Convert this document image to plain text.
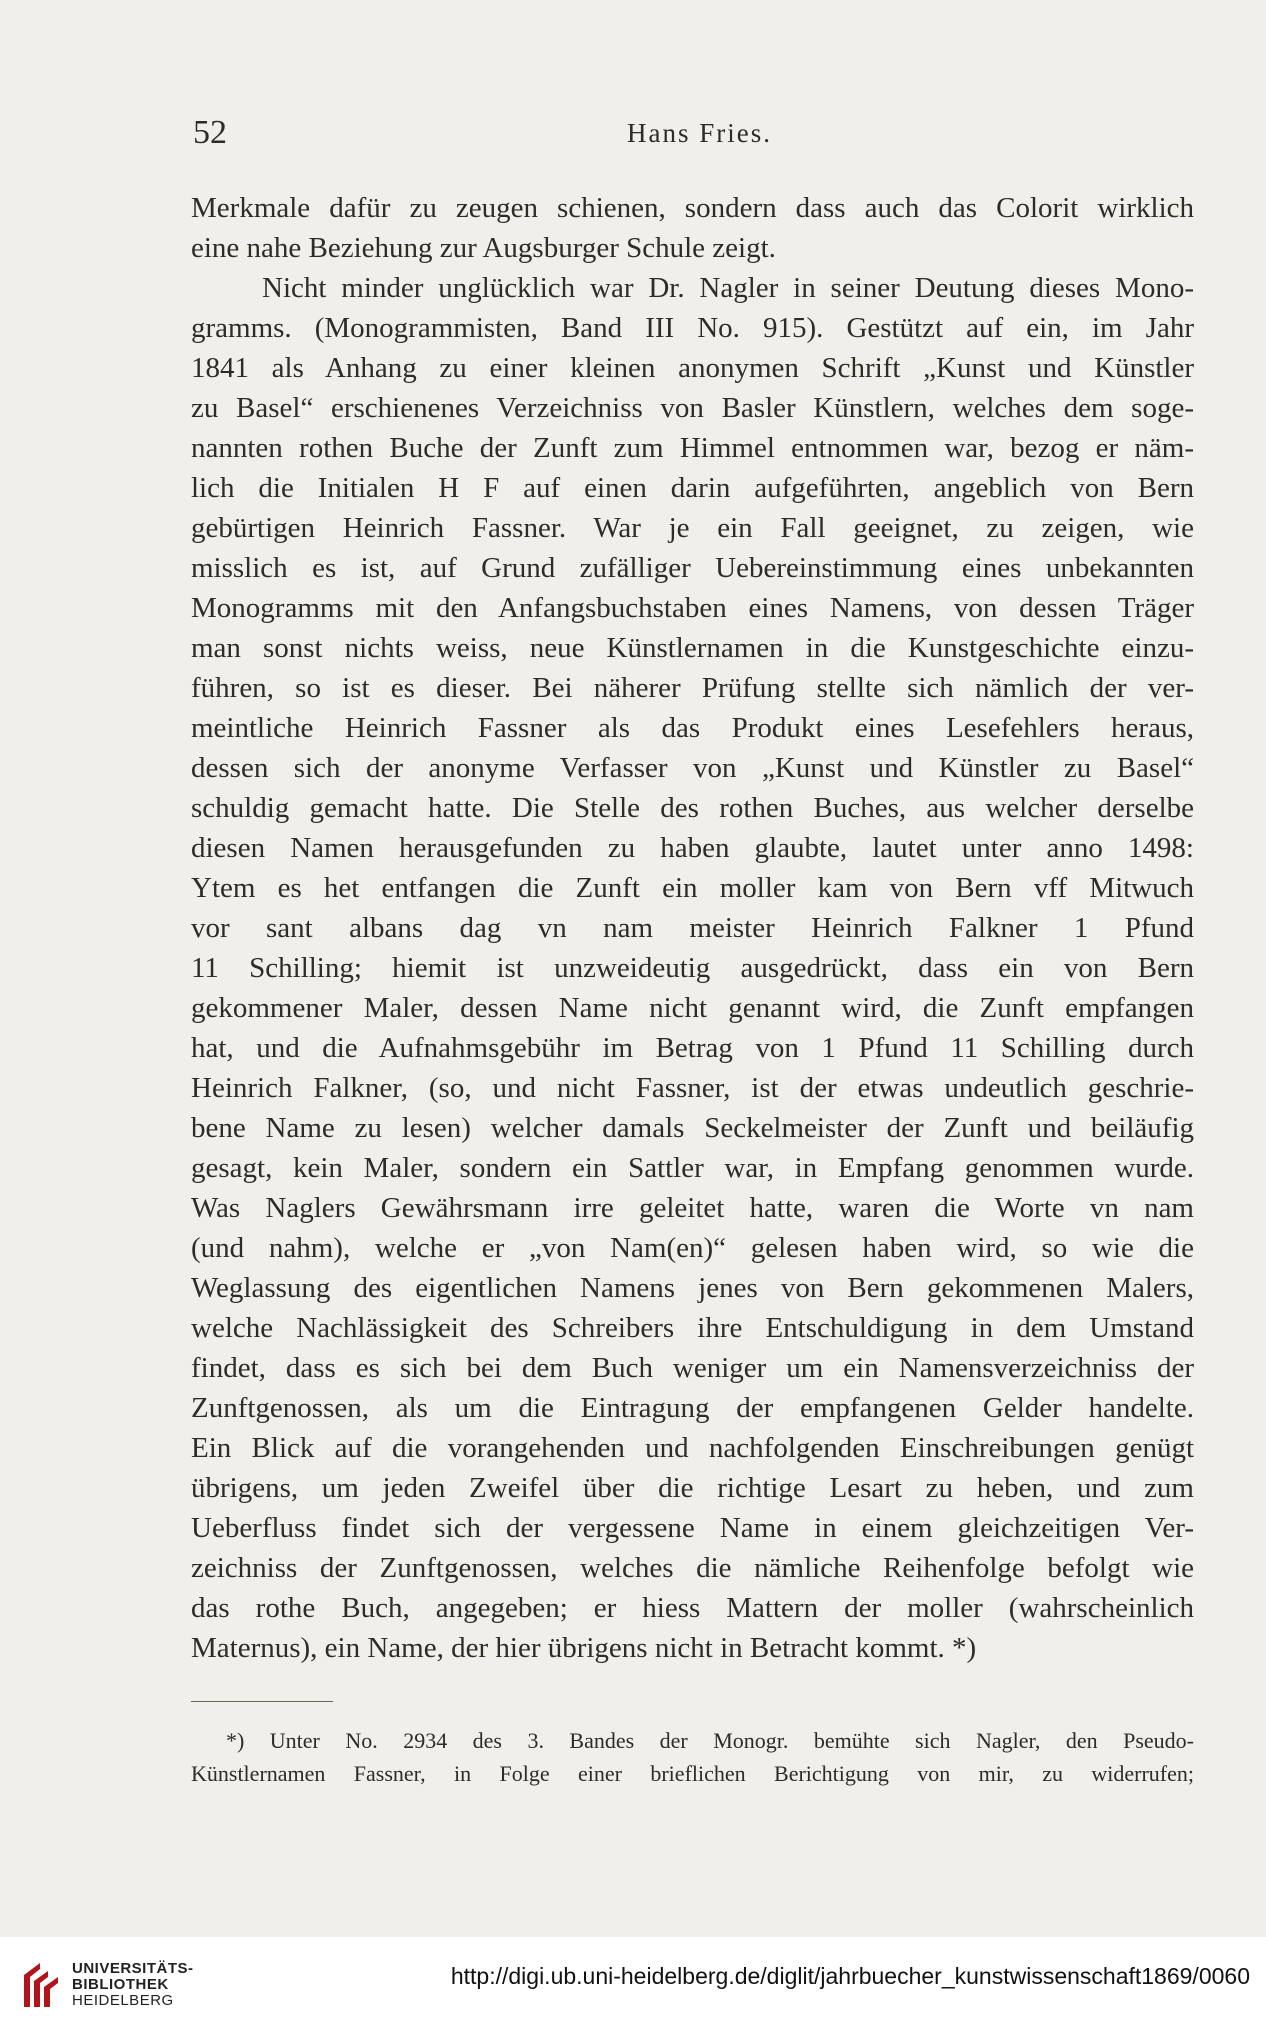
52	Hans Fries.
Merkmale dafür zu zeugen schienen, sondern dass auch das Colorit wirklich
eine nahe Beziehung zur Augsburger Schule zeigt.
Nicht minder unglücklich war Dr. Nagler in seiner Deutung dieses Mono-
gramms. (Monogrammisten, Band III No. 915). Gestützt auf ein, im Jahr
1841 als Anhang zu einer kleinen anonymen Schrift „Kunst und Künstler
zu Basel“ erschienenes Verzeichniss von Basler Künstlern, welches dem soge-
nannten rothen Buche der Zunft zum Himmel entnommen war, bezog er näm-
lich die Initialen H F auf einen darin aufgeführten, angeblich von Bern
gebürtigen Heinrich Fassner. War je ein Fall geeignet, zu zeigen, wie
misslich es ist, auf Grund zufälliger Uebereinstimmung eines unbekannten
Monogramms mit den Anfangsbuchstaben eines Namens, von dessen Träger
man sonst nichts weiss, neue Künstlernamen in die Kunstgeschichte einzu-
führen, so ist es dieser. Bei näherer Prüfung stellte sich nämlich der ver-
meintliche Heinrich Fassner als das Produkt eines Lesefehlers heraus,
dessen sich der anonyme Verfasser von „Kunst und Künstler zu Basel“
schuldig gemacht hatte. Die Stelle des rothen Buches, aus welcher derselbe
diesen Namen herausgefunden zu haben glaubte, lautet unter anno 1498:
Ytem es het entfangen die Zunft ein moller kam von Bern vff Mitwuch
vor sant albans dag vn nam meister Heinrich Falkner 1 Pfund
11 Schilling; hiemit ist unzweideutig ausgedrückt, dass ein von Bern
gekommener Maler, dessen Name nicht genannt wird, die Zunft empfangen
hat, und die Aufnahmsgebühr im Betrag von 1 Pfund 11 Schilling durch
Heinrich Falkner, (so, und nicht Fassner, ist der etwas undeutlich geschrie-
bene Name zu lesen) welcher damals Seckelmeister der Zunft und beiläufig
gesagt, kein Maler, sondern ein Sattler war, in Empfang genommen wurde.
Was Naglers Gewährsmann irre geleitet hatte, waren die Worte vn nam
(und nahm), welche er „von Nam(en)“ gelesen haben wird, so wie die
Weglassung des eigentlichen Namens jenes von Bern gekommenen Malers,
welche Nachlässigkeit des Schreibers ihre Entschuldigung in dem Umstand
findet, dass es sich bei dem Buch weniger um ein Namensverzeichniss der
Zunftgenossen, als um die Eintragung der empfangenen Gelder handelte.
Ein Blick auf die vorangehenden und nachfolgenden Einschreibungen genügt
übrigens, um jeden Zweifel über die richtige Lesart zu heben, und zum
Ueberfluss findet sich der vergessene Name in einem gleichzeitigen Ver-
zeichniss der Zunftgenossen, welches die nämliche Reihenfolge befolgt wie
das rothe Buch, angegeben; er hiess Mattern der moller (wahrscheinlich
Maternus), ein Name, der hier übrigens nicht in Betracht kommt. *)
*) Unter No. 2934 des 3. Bandes der Monogr. bemühte sich Nagler, den Pseudo-
Künstlernamen Fassner, in Folge einer brieflichen Berichtigung von mir, zu widerrufen;
UNIVERSITÄTS-
BIBLIOTHEK
HEIDELBERG
http://digi.ub.uni-heidelberg.de/diglit/jahrbuecher_kunstwissenschaft1869/0060
